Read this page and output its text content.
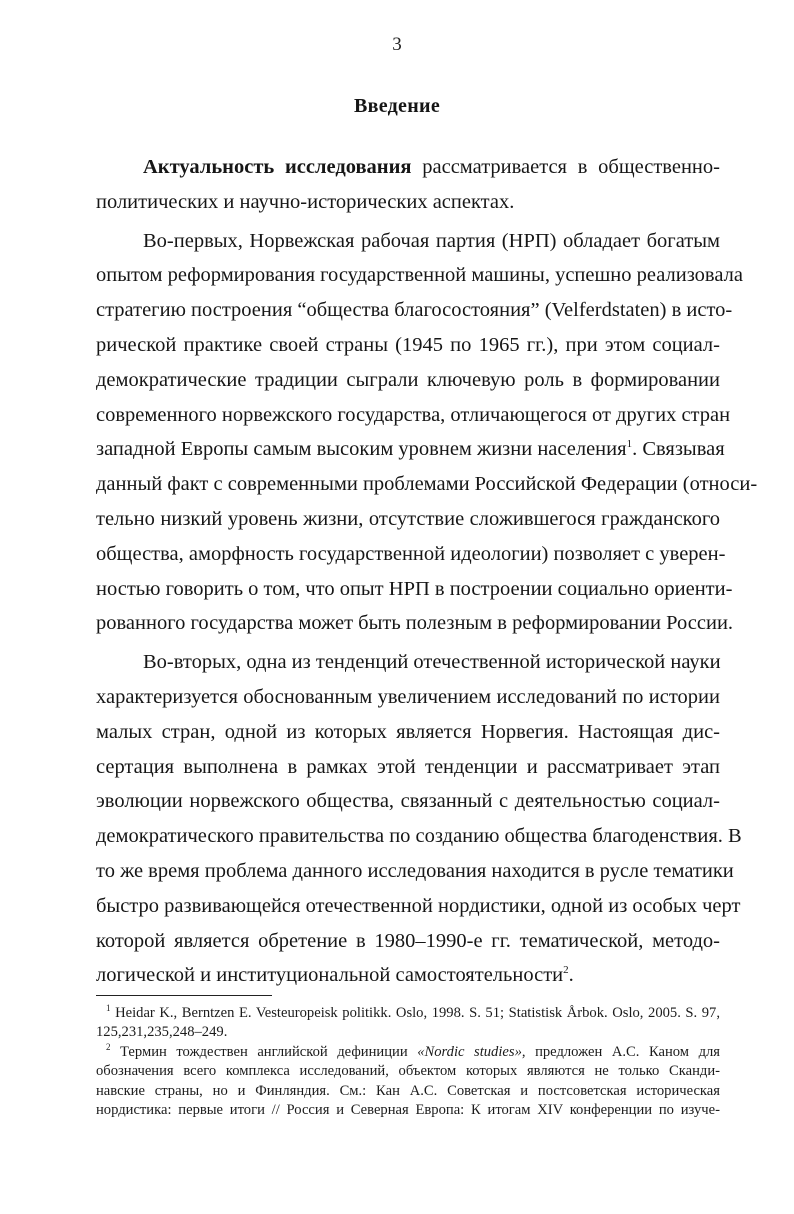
3
Введение
Актуальность исследования рассматривается в общественно-
политических и научно-исторических аспектах.
Во-первых, Норвежская рабочая партия (НРП) обладает богатым
опытом реформирования государственной машины, успешно реализовала
стратегию построения “общества благосостояния” (Velferdstaten) в исто-
рической практике своей страны (1945 по 1965 гг.), при этом социал-
демократические традиции сыграли ключевую роль в формировании
современного норвежского государства, отличающегося от других стран
западной Европы самым высоким уровнем жизни населения$^1$. Связывая
данный факт с современными проблемами Российской Федерации (относи-
тельно низкий уровень жизни, отсутствие сложившегося гражданского
общества, аморфность государственной идеологии) позволяет с уверен-
ностью говорить о том, что опыт НРП в построении социально ориенти-
рованного государства может быть полезным в реформировании России.
Во-вторых, одна из тенденций отечественной исторической науки
характеризуется обоснованным увеличением исследований по истории
малых стран, одной из которых является Норвегия. Настоящая дис-
сертация выполнена в рамках этой тенденции и рассматривает этап
эволюции норвежского общества, связанный с деятельностью социал-
демократического правительства по созданию общества благоденствия. В
то же время проблема данного исследования находится в русле тематики
быстро развивающейся отечественной нордистики, одной из особых черт
которой является обретение в 1980–1990-е гг. тематической, методо-
логической и институциональной самостоятельности$^2$.
$^1$ Heidar K., Berntzen E. Vesteuropeisk politikk. Oslo, 1998. S. 51; Statistisk Årbok. Oslo, 2005. S. 97,
125,231,235,248–249.
$^2$ Термин тождествен английской дефиниции «Nordic studies», предложен А.С. Каном для
обозначения всего комплекса исследований, объектом которых являются не только Сканди-
навские страны, но и Финляндия. См.: Кан А.С. Советская и постсоветская историческая
нордистика: первые итоги // Россия и Северная Европа: К итогам XIV конференции по изуче-
